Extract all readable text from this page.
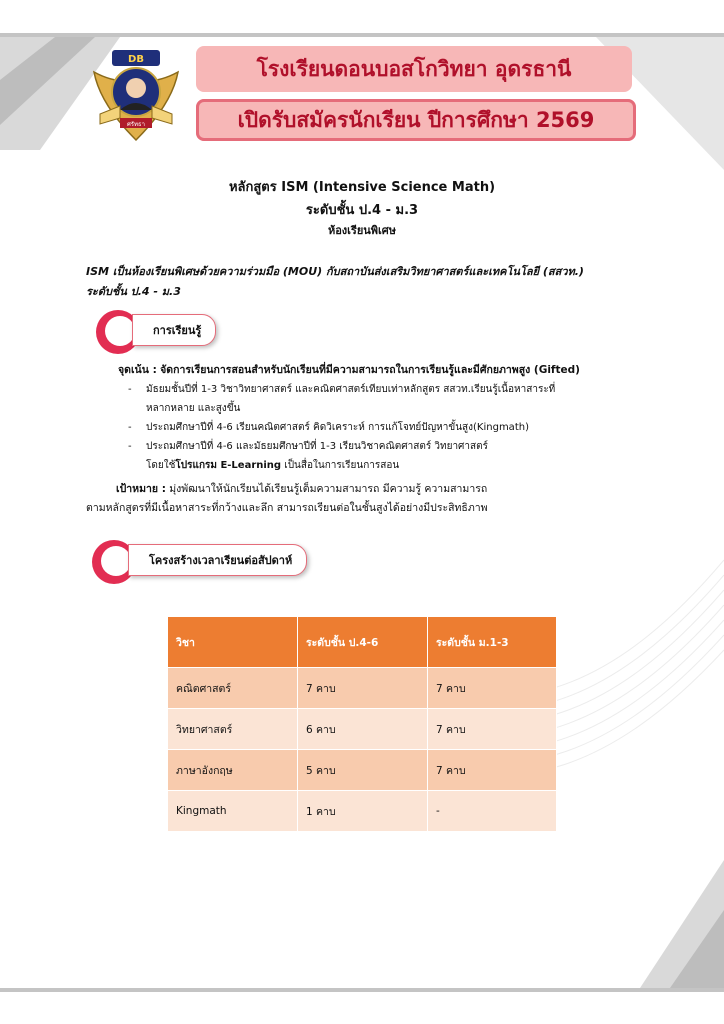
DB
ศรัทธา
โรงเรียนดอนบอสโกวิทยา อุดรธานี
เปิดรับสมัครนักเรียน ปีการศึกษา 2569
หลักสูตร ISM (Intensive Science Math)
ระดับชั้น ป.4 - ม.3
ห้องเรียนพิเศษ
ISM เป็นห้องเรียนพิเศษด้วยความร่วมมือ (MOU) กับสถาบันส่งเสริมวิทยาศาสตร์และเทคโนโลยี (สสวท.)
ระดับชั้น ป.4 - ม.3
การเรียนรู้
จุดเน้น : จัดการเรียนการสอนสำหรับนักเรียนที่มีความสามารถในการเรียนรู้และมีศักยภาพสูง (Gifted)
- มัธยมชั้นปีที่ 1-3 วิชาวิทยาศาสตร์ และคณิตศาสตร์เทียบเท่าหลักสูตร สสวท.เรียนรู้เนื้อหาสาระที่
หลากหลาย และสูงขึ้น
- ประถมศึกษาปีที่ 4-6 เรียนคณิตศาสตร์ คิดวิเคราะห์ การแก้โจทย์ปัญหาขั้นสูง(Kingmath)
- ประถมศึกษาปีที่ 4-6 และมัธยมศึกษาปีที่ 1-3 เรียนวิชาคณิตศาสตร์ วิทยาศาสตร์
โดยใช้โปรแกรม E-Learning เป็นสื่อในการเรียนการสอน
เป้าหมาย : มุ่งพัฒนาให้นักเรียนได้เรียนรู้เต็มความสามารถ มีความรู้ ความสามารถ
ตามหลักสูตรที่มีเนื้อหาสาระที่กว้างและลึก สามารถเรียนต่อในชั้นสูงได้อย่างมีประสิทธิภาพ
โครงสร้างเวลาเรียนต่อสัปดาห์
วิชา	ระดับชั้น ป.4-6	ระดับชั้น ม.1-3
คณิตศาสตร์	7 คาบ	7 คาบ
วิทยาศาสตร์	6 คาบ	7 คาบ
ภาษาอังกฤษ	5 คาบ	7 คาบ
Kingmath	1 คาบ	-
